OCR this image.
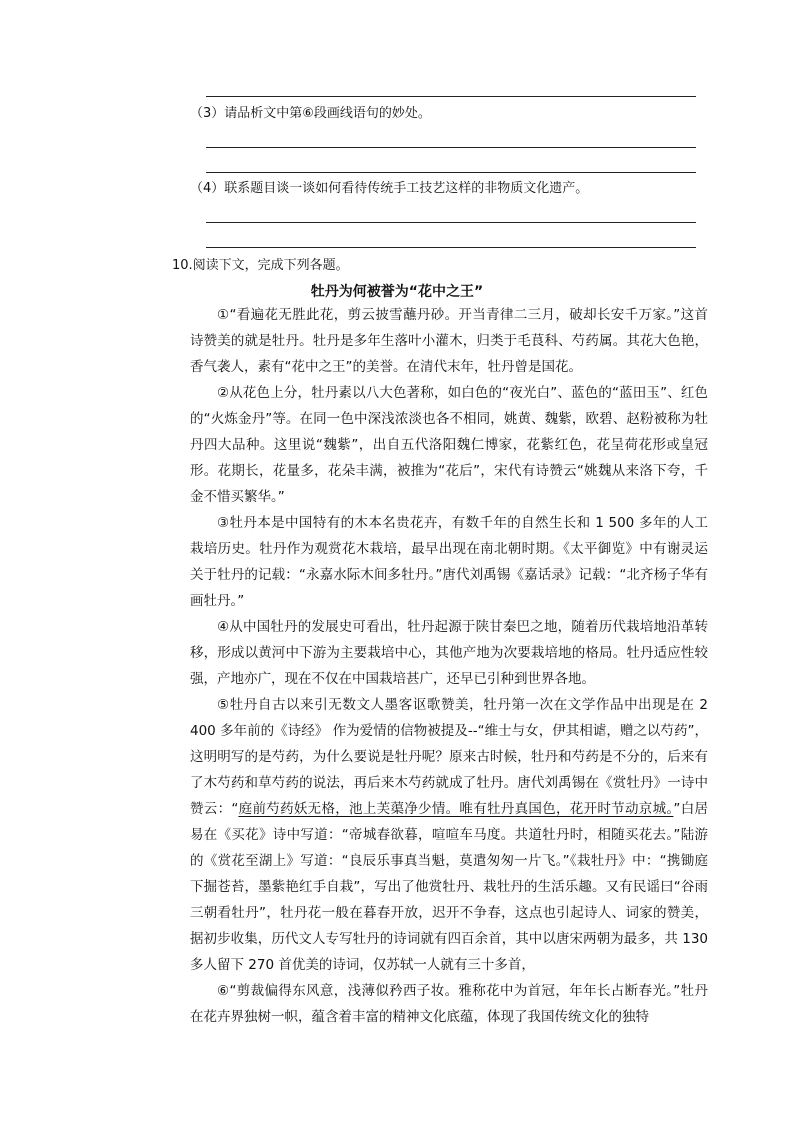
（3）请品析文中第⑥段画线语句的妙处。
（4）联系题目谈一谈如何看待传统手工技艺这样的非物质文化遗产。
10.阅读下文，完成下列各题。
牡丹为何被誉为“花中之王”

①“看遍花无胜此花，剪云披雪蘸丹砂。开当青律二三月，破却长安千万家。”这首诗赞美的就是牡丹。牡丹是多年生落叶小灌木，归类于毛茛科、芍药属。其花大色艳，香气袭人，素有“花中之王”的美誉。在清代末年，牡丹曾是国花。

②从花色上分，牡丹素以八大色著称，如白色的“夜光白”、蓝色的“蓝田玉”、红色的“火炼金丹”等。在同一色中深浅浓淡也各不相同，姚黄、魏紫，欧碧、赵粉被称为牡丹四大品种。这里说“魏紫”，出自五代洛阳魏仁博家，花紫红色，花呈荷花形或皇冠形。花期长，花量多，花朵丰满，被推为“花后”，宋代有诗赞云“姚魏从来洛下夸，千金不惜买繁华。”

③牡丹本是中国特有的木本名贵花卉，有数千年的自然生长和 1 500 多年的人工栽培历史。牡丹作为观赏花木栽培，最早出现在南北朝时期。《太平御览》中有谢灵运关于牡丹的记载：“永嘉水际木间多牡丹。”唐代刘禹锡《嘉话录》记载：“北齐杨子华有画牡丹。”

④从中国牡丹的发展史可看出，牡丹起源于陕甘秦巴之地，随着历代栽培地沿革转移，形成以黄河中下游为主要栽培中心，其他产地为次要栽培地的格局。牡丹适应性较强，产地亦广，现在不仅在中国栽培甚广，还早已引种到世界各地。

⑤牡丹自古以来引无数文人墨客讴歌赞美，牡丹第一次在文学作品中出现是在 2　400 多年前的《诗经》 作为爱情的信物被提及--“维士与女，伊其相谑，赠之以芍药”，这明明写的是芍药，为什么要说是牡丹呢？原来古时候，牡丹和芍药是不分的，后来有了木芍药和草芍药的说法，再后来木芍药就成了牡丹。唐代刘禹锡在《赏牡丹》一诗中赞云：“庭前芍药妖无格，池上芙蕖净少情。唯有牡丹真国色，花开时节动京城。”白居易在《买花》诗中写道：“帝城春欲暮，喧喧车马度。共道牡丹时，相随买花去。”陆游的《赏花至湖上》写道：“良辰乐事真当魁，莫遣匆匆一片飞。”《栽牡丹》中：“携锄庭下掘苍苔，墨紫艳红手自栽”，写出了他赏牡丹、栽牡丹的生活乐趣。又有民谣曰“谷雨三朝看牡丹”，牡丹花一般在暮春开放，迟开不争春，这点也引起诗人、词家的赞美，据初步收集，历代文人专写牡丹的诗词就有四百余首，其中以唐宋两朝为最多，共 130 多人留下 270 首优美的诗词，仅苏轼一人就有三十多首，

⑥“剪裁偏得东风意，浅薄似矜西子妆。雅称花中为首冠，年年长占断春光。”牡丹在花卉界独树一帜，蕴含着丰富的精神文化底蕴，体现了我国传统文化的独特
